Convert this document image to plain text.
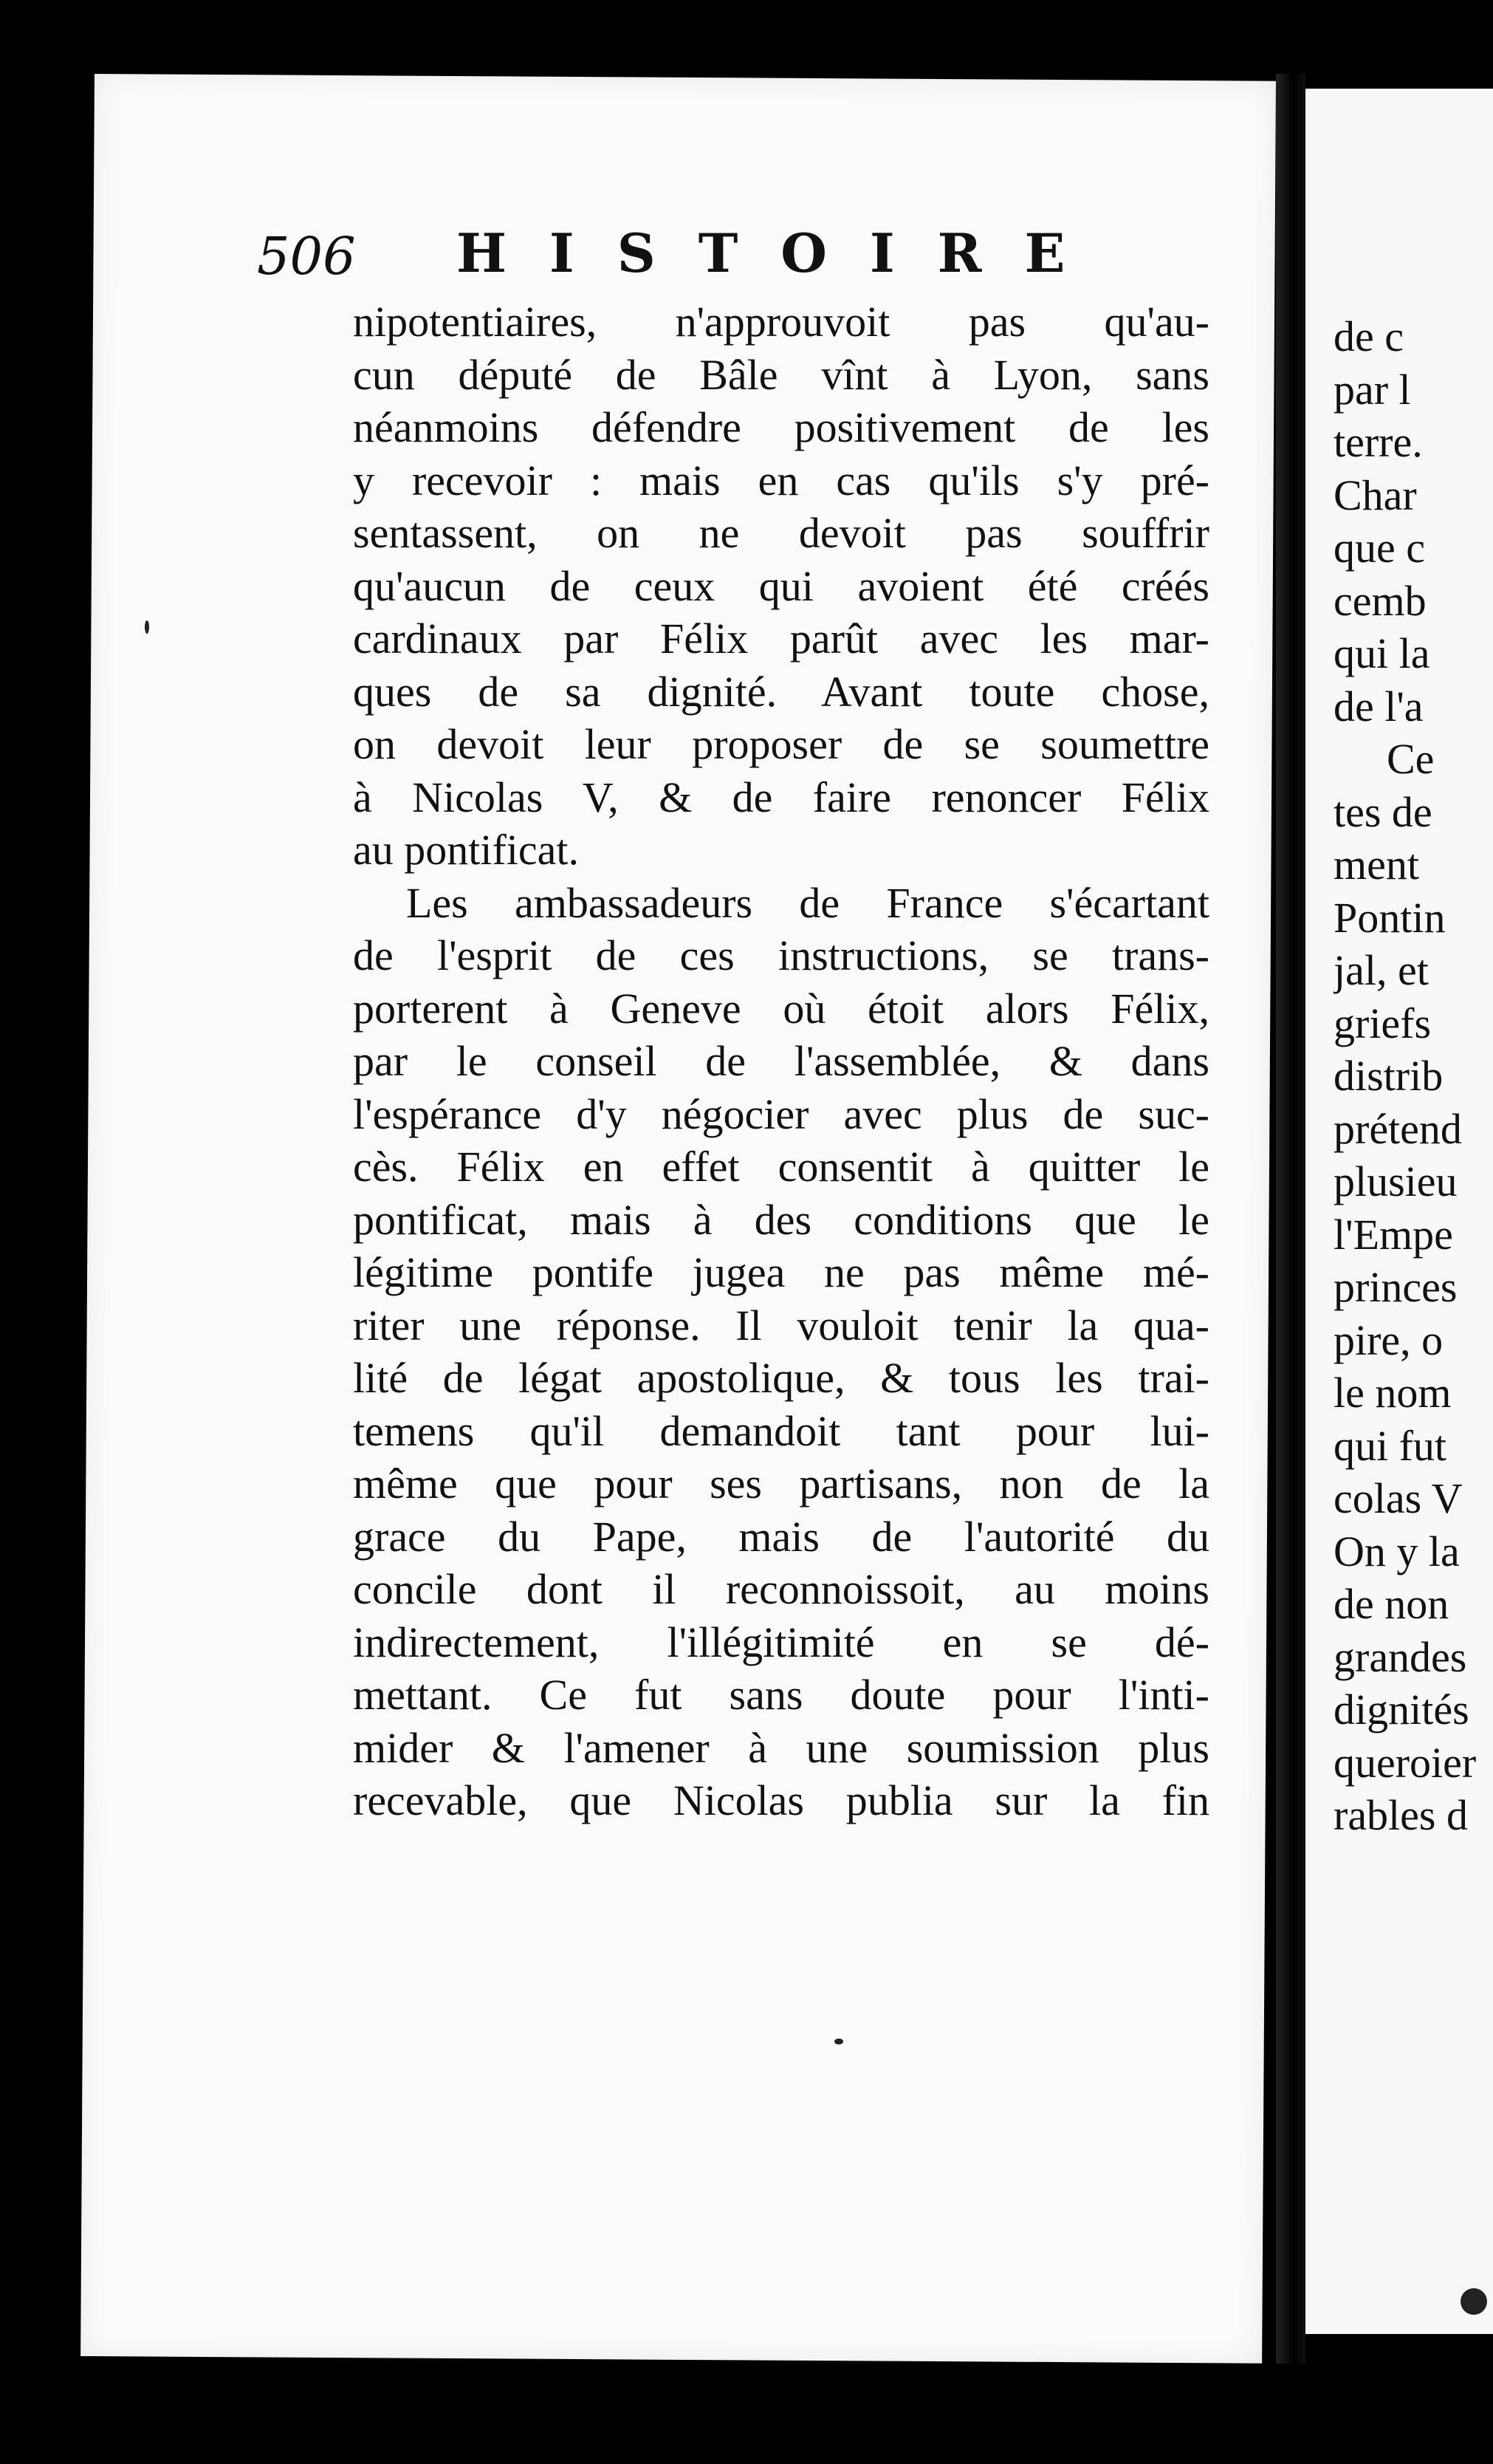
506 HISTOIRE
nipotentiaires, n'approuvoit pas qu'au-
cun député de Bâle vînt à Lyon, sans
néanmoins défendre positivement de les
y recevoir : mais en cas qu'ils s'y pré-
sentassent, on ne devoit pas souffrir
qu'aucun de ceux qui avoient été créés
cardinaux par Félix parût avec les mar-
ques de sa dignité. Avant toute chose,
on devoit leur proposer de se soumettre
à Nicolas V, & de faire renoncer Félix
au pontificat.
Les ambassadeurs de France s'écartant
de l'esprit de ces instructions, se trans-
porterent à Geneve où étoit alors Félix,
par le conseil de l'assemblée, & dans
l'espérance d'y négocier avec plus de suc-
cès. Félix en effet consentit à quitter le
pontificat, mais à des conditions que le
légitime pontife jugea ne pas même mé-
riter une réponse. Il vouloit tenir la qua-
lité de légat apostolique, & tous les trai-
temens qu'il demandoit tant pour lui-
même que pour ses partisans, non de la
grace du Pape, mais de l'autorité du
concile dont il reconnoissoit, au moins
indirectement, l'illégitimité en se dé-
mettant. Ce fut sans doute pour l'inti-
mider & l'amener à une soumission plus
recevable, que Nicolas publia sur la fin
de c
par l
terre.
Char
que c
cemb
qui la
de l'a
Ce
tes de
ment
Pontin
jal, et
griefs
distrib
prétend
plusieu
l'Empe
princes
pire, o
le nom
qui fut
colas V
On y la
de non
grandes
dignités
queroier
rables d
